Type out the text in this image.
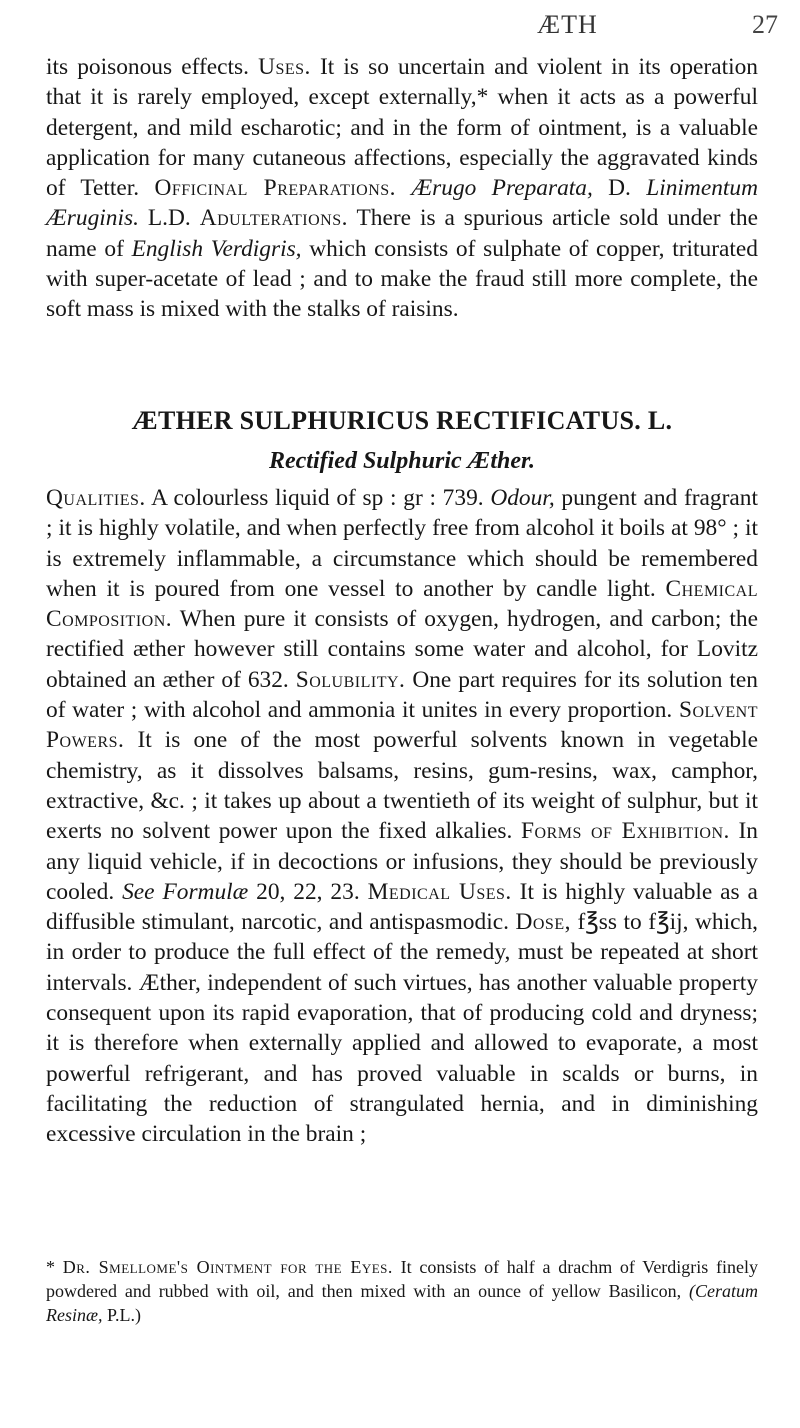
ÆTH	27

its poisonous effects. Uses. It is so uncertain and violent in its operation that it is rarely employed, except externally,* when it acts as a powerful detergent, and mild escharotic; and in the form of ointment, is a valuable application for many cutaneous affections, especially the aggravated kinds of Tetter. Officinal Preparations. Ærugo Preparata, D. Linimentum Æruginis. L.D. Adulterations. There is a spurious article sold under the name of English Verdigris, which consists of sulphate of copper, triturated with super-acetate of lead ; and to make the fraud still more complete, the soft mass is mixed with the stalks of raisins.

ÆTHER SULPHURICUS RECTIFICATUS. L.
Rectified Sulphuric Æther.

Qualities. A colourless liquid of sp : gr : 739. Odour, pungent and fragrant ; it is highly volatile, and when perfectly free from alcohol it boils at 98° ; it is extremely inflammable, a circumstance which should be remembered when it is poured from one vessel to another by candle light. Chemical Composition. When pure it consists of oxygen, hydrogen, and carbon; the rectified æther however still contains some water and alcohol, for Lovitz obtained an æther of 632. Solubility. One part requires for its solution ten of water ; with alcohol and ammonia it unites in every proportion. Solvent Powers. It is one of the most powerful solvents known in vegetable chemistry, as it dissolves balsams, resins, gum-resins, wax, camphor, extractive, &c. ; it takes up about a twentieth of its weight of sulphur, but it exerts no solvent power upon the fixed alkalies. Forms of Exhibition. In any liquid vehicle, if in decoctions or infusions, they should be previously cooled. See Formulæ 20, 22, 23. Medical Uses. It is highly valuable as a diffusible stimulant, narcotic, and antispasmodic. Dose, f℥ss to f℥ij, which, in order to produce the full effect of the remedy, must be repeated at short intervals. Æther, independent of such virtues, has another valuable property consequent upon its rapid evaporation, that of producing cold and dryness; it is therefore when externally applied and allowed to evaporate, a most powerful refrigerant, and has proved valuable in scalds or burns, in facilitating the reduction of strangulated hernia, and in diminishing excessive circulation in the brain ;

* Dr. Smellome's Ointment for the Eyes. It consists of half a drachm of Verdigris finely powdered and rubbed with oil, and then mixed with an ounce of yellow Basilicon, (Ceratum Resinæ, P.L.)
